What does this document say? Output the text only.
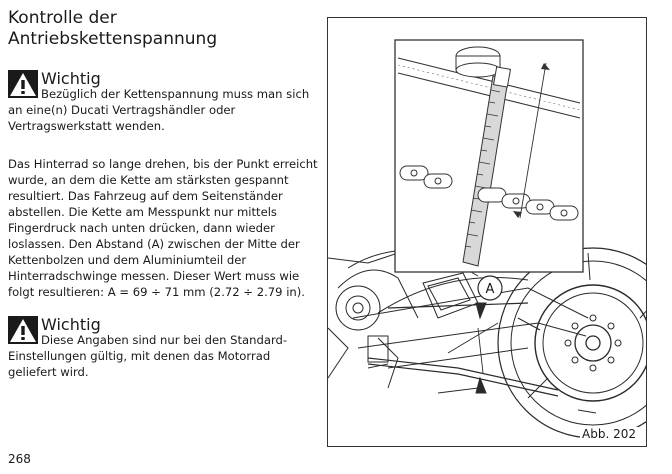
Kontrolle der
Antriebskettenspannung
Wichtig
Bezüglich der Kettenspannung muss man sich
an eine(n) Ducati Vertragshändler oder
Vertragswerkstatt wenden.
Das Hinterrad so lange drehen, bis der Punkt erreicht
wurde, an dem die Kette am stärksten gespannt
resultiert. Das Fahrzeug auf dem Seitenständer
abstellen. Die Kette am Messpunkt nur mittels
Fingerdruck nach unten drücken, dann wieder
loslassen. Den Abstand (A) zwischen der Mitte der
Kettenbolzen und dem Aluminiumteil der
Hinterradschwinge messen. Dieser Wert muss wie
folgt resultieren: A = 69 ÷ 71 mm (2.72 ÷ 2.79 in).
Wichtig
Diese Angaben sind nur bei den Standard-
Einstellungen gültig, mit denen das Motorrad
geliefert wird.
268
A
Abb. 202
